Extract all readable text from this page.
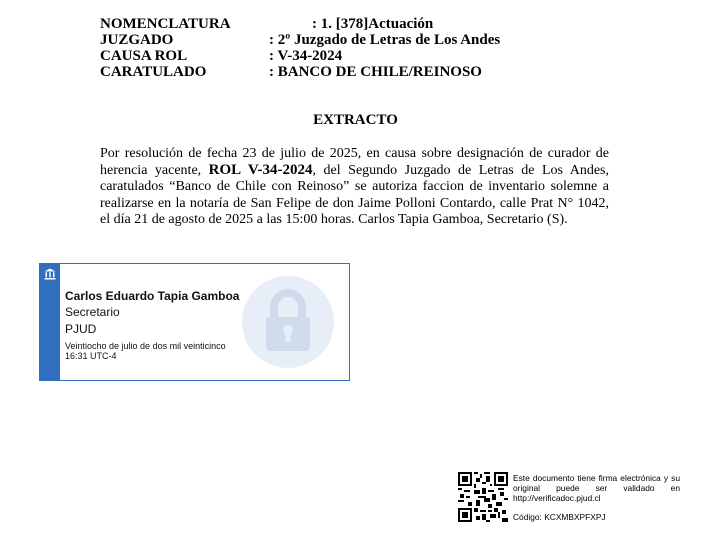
NOMENCLATURA	: 1. [378]Actuación
JUZGADO	: 2º Juzgado de Letras de Los Andes
CAUSA ROL	: V-34-2024
CARATULADO	: BANCO DE CHILE/REINOSO
EXTRACTO
Por resolución de fecha 23 de julio de 2025, en causa sobre designación de curador de herencia yacente, ROL V-34-2024, del Segundo Juzgado de Letras de Los Andes, caratulados “Banco de Chile con Reinoso” se autoriza faccion de inventario solemne a realizarse en la notaría de San Felipe de don Jaime Polloni Contardo, calle Prat N° 1042, el día 21 de agosto de 2025 a las 15:00 horas. Carlos Tapia Gamboa, Secretario (S).
Carlos Eduardo Tapia Gamboa
Secretario
PJUD
Veintiocho de julio de dos mil veinticinco
16:31 UTC-4
Este documento tiene firma electrónica y su original puede ser validado en http://verificadoc.pjud.cl
Código: KCXMBXPFXPJ
